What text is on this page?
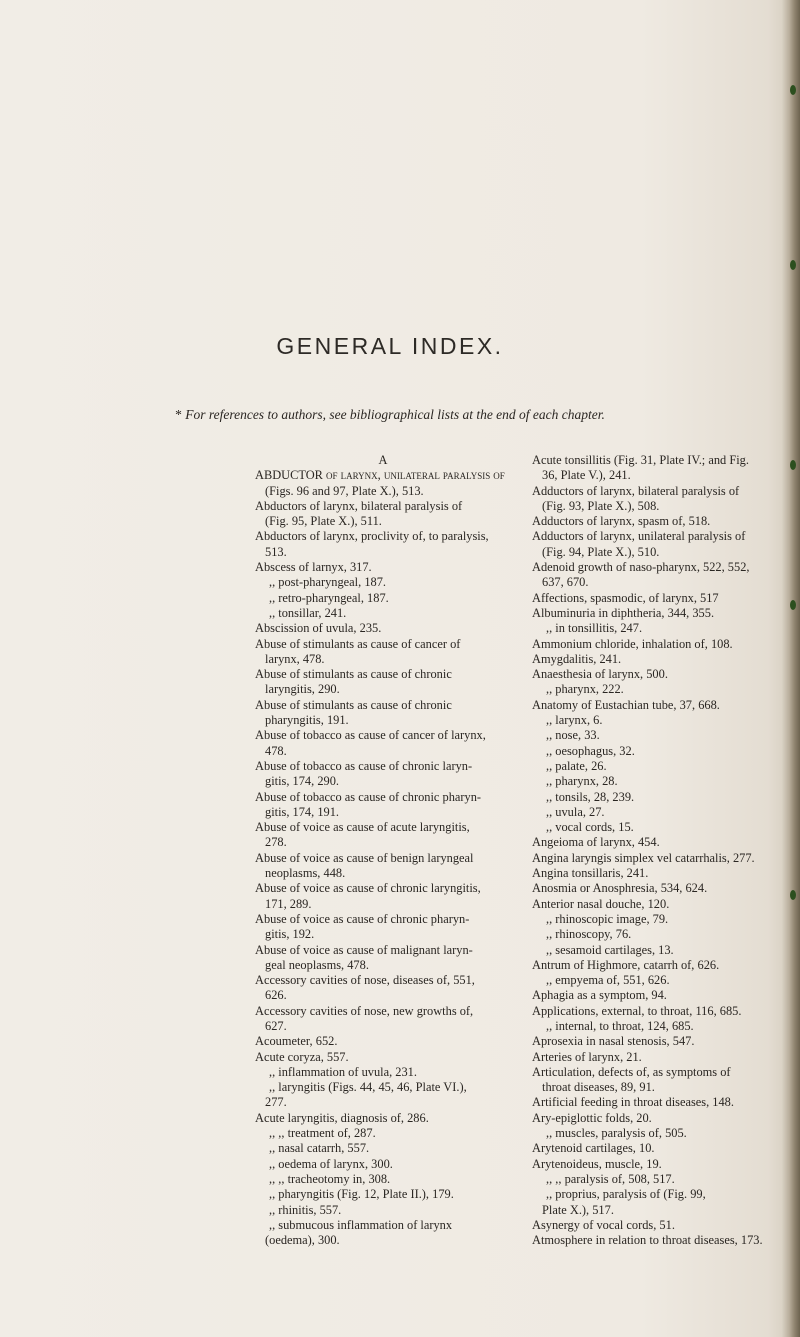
GENERAL INDEX.
* For references to authors, see bibliographical lists at the end of each chapter.
A
ABDUCTOR of larynx, unilateral paralysis of
(Figs. 96 and 97, Plate X.), 513.
Abductors of larynx, bilateral paralysis of
(Fig. 95, Plate X.), 511.
Abductors of larynx, proclivity of, to paralysis,
513.
Abscess of larnyx, 317.
,, post-pharyngeal, 187.
,, retro-pharyngeal, 187.
,, tonsillar, 241.
Abscission of uvula, 235.
Abuse of stimulants as cause of cancer of
larynx, 478.
Abuse of stimulants as cause of chronic
laryngitis, 290.
Abuse of stimulants as cause of chronic
pharyngitis, 191.
Abuse of tobacco as cause of cancer of larynx,
478.
Abuse of tobacco as cause of chronic laryn-
gitis, 174, 290.
Abuse of tobacco as cause of chronic pharyn-
gitis, 174, 191.
Abuse of voice as cause of acute laryngitis,
278.
Abuse of voice as cause of benign laryngeal
neoplasms, 448.
Abuse of voice as cause of chronic laryngitis,
171, 289.
Abuse of voice as cause of chronic pharyn-
gitis, 192.
Abuse of voice as cause of malignant laryn-
geal neoplasms, 478.
Accessory cavities of nose, diseases of, 551,
626.
Accessory cavities of nose, new growths of,
627.
Acoumeter, 652.
Acute coryza, 557.
,, inflammation of uvula, 231.
,, laryngitis (Figs. 44, 45, 46, Plate VI.),
277.
Acute laryngitis, diagnosis of, 286.
,, ,, treatment of, 287.
,, nasal catarrh, 557.
,, oedema of larynx, 300.
,, ,, tracheotomy in, 308.
,, pharyngitis (Fig. 12, Plate II.), 179.
,, rhinitis, 557.
,, submucous inflammation of larynx
(oedema), 300.
Acute tonsillitis (Fig. 31, Plate IV.; and Fig.
36, Plate V.), 241.
Adductors of larynx, bilateral paralysis of
(Fig. 93, Plate X.), 508.
Adductors of larynx, spasm of, 518.
Adductors of larynx, unilateral paralysis of
(Fig. 94, Plate X.), 510.
Adenoid growth of naso-pharynx, 522, 552,
637, 670.
Affections, spasmodic, of larynx, 517
Albuminuria in diphtheria, 344, 355.
,, in tonsillitis, 247.
Ammonium chloride, inhalation of, 108.
Amygdalitis, 241.
Anaesthesia of larynx, 500.
,, pharynx, 222.
Anatomy of Eustachian tube, 37, 668.
,, larynx, 6.
,, nose, 33.
,, oesophagus, 32.
,, palate, 26.
,, pharynx, 28.
,, tonsils, 28, 239.
,, uvula, 27.
,, vocal cords, 15.
Angeioma of larynx, 454.
Angina laryngis simplex vel catarrhalis, 277.
Angina tonsillaris, 241.
Anosmia or Anosphresia, 534, 624.
Anterior nasal douche, 120.
,, rhinoscopic image, 79.
,, rhinoscopy, 76.
,, sesamoid cartilages, 13.
Antrum of Highmore, catarrh of, 626.
,, empyema of, 551, 626.
Aphagia as a symptom, 94.
Applications, external, to throat, 116, 685.
,, internal, to throat, 124, 685.
Aprosexia in nasal stenosis, 547.
Arteries of larynx, 21.
Articulation, defects of, as symptoms of
throat diseases, 89, 91.
Artificial feeding in throat diseases, 148.
Ary-epiglottic folds, 20.
,, muscles, paralysis of, 505.
Arytenoid cartilages, 10.
Arytenoideus, muscle, 19.
,, ,, paralysis of, 508, 517.
,, proprius, paralysis of (Fig. 99,
Plate X.), 517.
Asynergy of vocal cords, 51.
Atmosphere in relation to throat diseases, 173.
